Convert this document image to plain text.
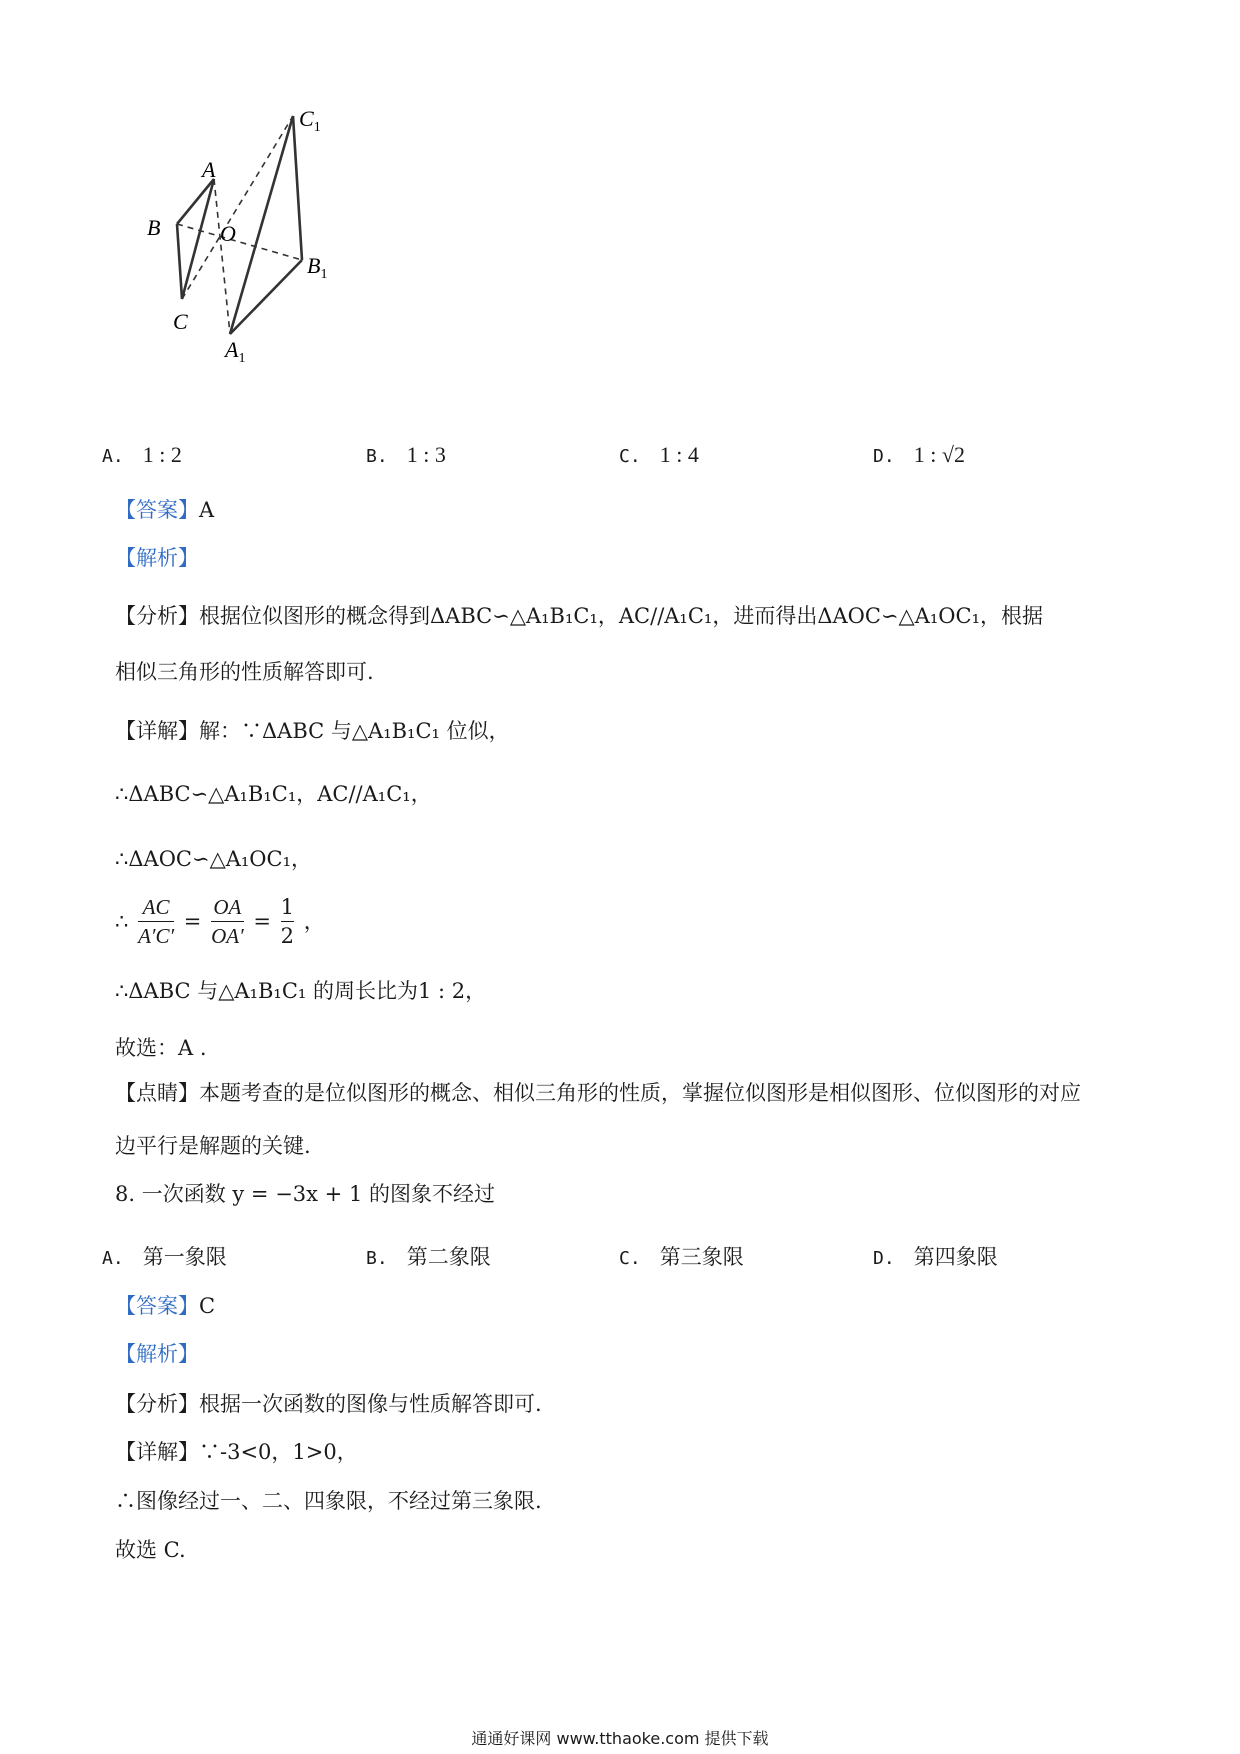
A
B
C
O
$C_1$
$B_1$
$A_1$
A. 1 : 2	B. 1 : 3	C. 1 : 4	D. 1 : √2
【答案】A
【解析】
【分析】根据位似图形的概念得到ΔABC∽△A₁B₁C₁，AC//A₁C₁，进而得出ΔAOC∽△A₁OC₁，根据
相似三角形的性质解答即可.
【详解】解：∵ΔABC 与△A₁B₁C₁ 位似，
∴ΔABC∽△A₁B₁C₁，AC//A₁C₁，
∴ΔAOC∽△A₁OC₁，
∴ $\frac{AC}{A'C'} = \frac{OA}{OA'} = \frac{1}{2}$ ，
∴ΔABC 与△A₁B₁C₁ 的周长比为1 : 2，
故选：A .
【点睛】本题考查的是位似图形的概念、相似三角形的性质，掌握位似图形是相似图形、位似图形的对应
边平行是解题的关键.
8. 一次函数 y = −3x + 1 的图象不经过
A. 第一象限	B. 第二象限	C. 第三象限	D. 第四象限
【答案】C
【解析】
【分析】根据一次函数的图像与性质解答即可.
【详解】∵-3<0，1>0，
∴图像经过一、二、四象限，不经过第三象限.
故选 C.
通通好课网 www.tthaoke.com 提供下载
